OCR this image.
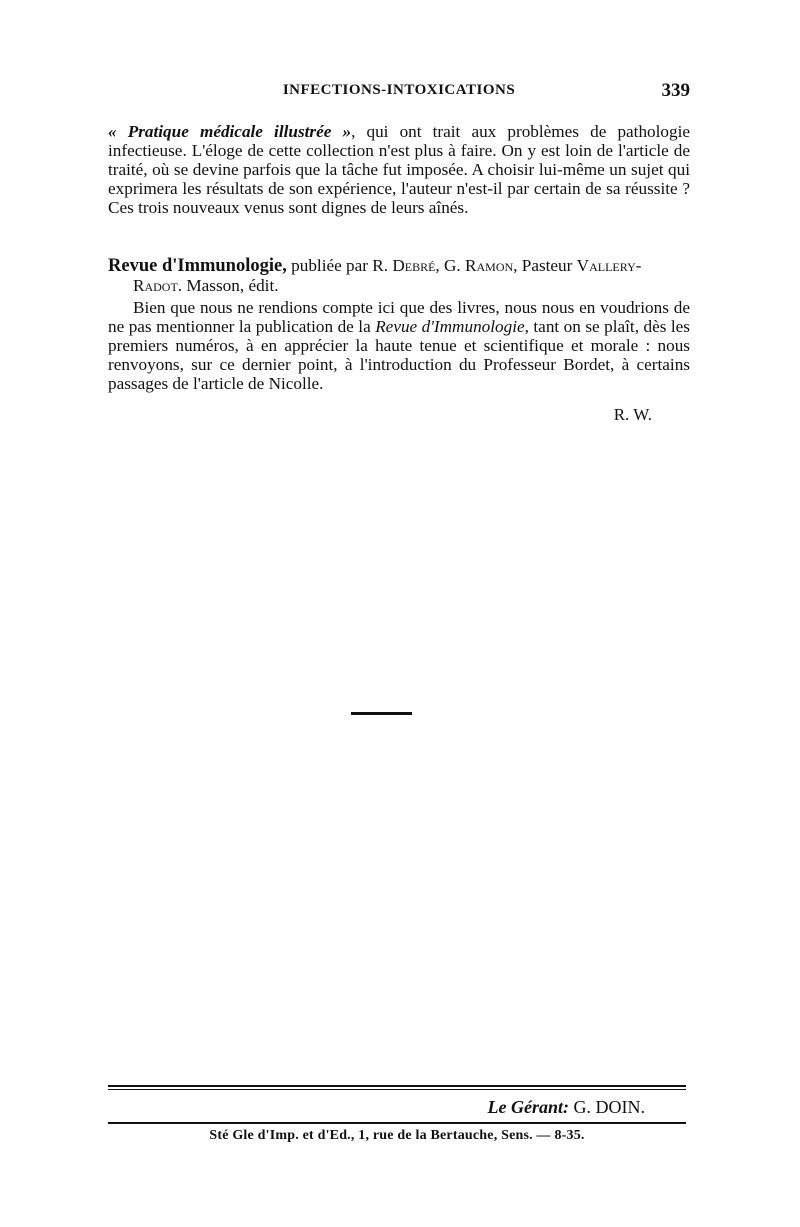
INFECTIONS-INTOXICATIONS	339
« Pratique médicale illustrée », qui ont trait aux problèmes de pathologie infectieuse. L'éloge de cette collection n'est plus à faire. On y est loin de l'article de traité, où se devine parfois que la tâche fut imposée. A choisir lui-même un sujet qui exprimera les résultats de son expérience, l'auteur n'est-il par certain de sa réussite ? Ces trois nouveaux venus sont dignes de leurs aînés.
Revue d'Immunologie, publiée par R. Debré, G. Ramon, Pasteur Vallery-
Radot. Masson, édit.

Bien que nous ne rendions compte ici que des livres, nous nous en voudrions de ne pas mentionner la publication de la Revue d'Immunologie, tant on se plaît, dès les premiers numéros, à en apprécier la haute tenue et scientifique et morale : nous renvoyons, sur ce dernier point, à l'introduction du Professeur Bordet, à certains passages de l'article de Nicolle.

R. W.
Le Gérant: G. DOIN.
Sté Gle d'Imp. et d'Ed., 1, rue de la Bertauche, Sens. — 8-35.
